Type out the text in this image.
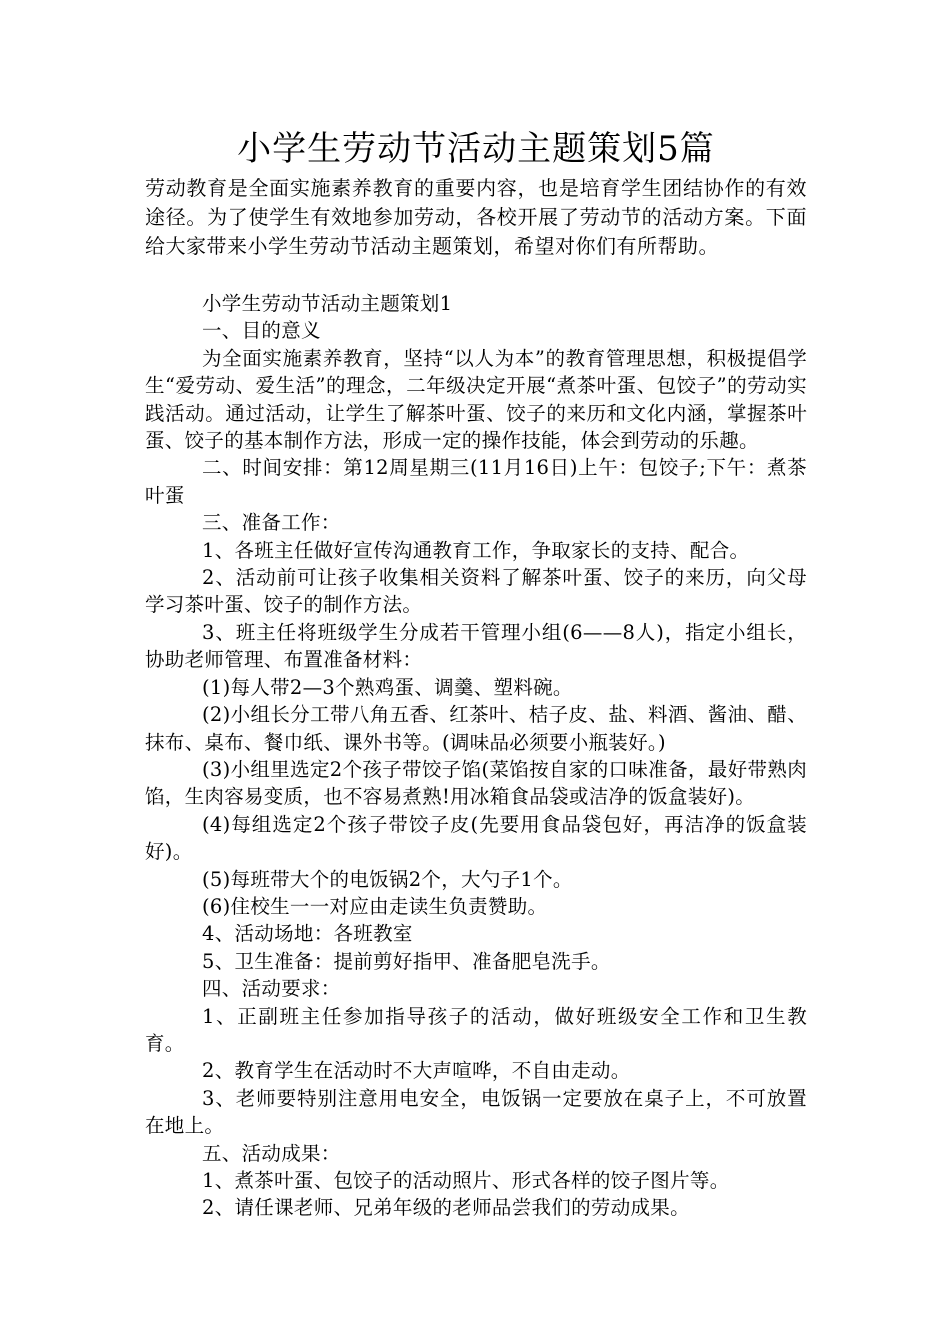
小学生劳动节活动主题策划5篇

劳动教育是全面实施素养教育的重要内容，也是培育学生团结协作的有效途径。为了使学生有效地参加劳动，各校开展了劳动节的活动方案。下面给大家带来小学生劳动节活动主题策划，希望对你们有所帮助。

小学生劳动节活动主题策划1

一、目的意义

为全面实施素养教育，坚持“以人为本”的教育管理思想，积极提倡学生“爱劳动、爱生活”的理念，二年级决定开展“煮茶叶蛋、包饺子”的劳动实践活动。通过活动，让学生了解茶叶蛋、饺子的来历和文化内涵，掌握茶叶蛋、饺子的基本制作方法，形成一定的操作技能，体会到劳动的乐趣。

二、时间安排：第12周星期三(11月16日)上午：包饺子;下午：煮茶叶蛋

三、准备工作：

1、各班主任做好宣传沟通教育工作，争取家长的支持、配合。

2、活动前可让孩子收集相关资料了解茶叶蛋、饺子的来历，向父母学习茶叶蛋、饺子的制作方法。

3、班主任将班级学生分成若干管理小组(6——8人)，指定小组长，协助老师管理、布置准备材料：

(1)每人带2—3个熟鸡蛋、调羹、塑料碗。

(2)小组长分工带八角五香、红茶叶、桔子皮、盐、料酒、酱油、醋、抹布、桌布、餐巾纸、课外书等。(调味品必须要小瓶装好。)

(3)小组里选定2个孩子带饺子馅(菜馅按自家的口味准备，最好带熟肉馅，生肉容易变质，也不容易煮熟!用冰箱食品袋或洁净的饭盒装好)。

(4)每组选定2个孩子带饺子皮(先要用食品袋包好，再洁净的饭盒装好)。

(5)每班带大个的电饭锅2个，大勺子1个。

(6)住校生一一对应由走读生负责赞助。

4、活动场地：各班教室

5、卫生准备：提前剪好指甲、准备肥皂洗手。

四、活动要求：

1、正副班主任参加指导孩子的活动，做好班级安全工作和卫生教育。

2、教育学生在活动时不大声喧哗，不自由走动。

3、老师要特别注意用电安全，电饭锅一定要放在桌子上，不可放置在地上。

五、活动成果：

1、煮茶叶蛋、包饺子的活动照片、形式各样的饺子图片等。

2、请任课老师、兄弟年级的老师品尝我们的劳动成果。
